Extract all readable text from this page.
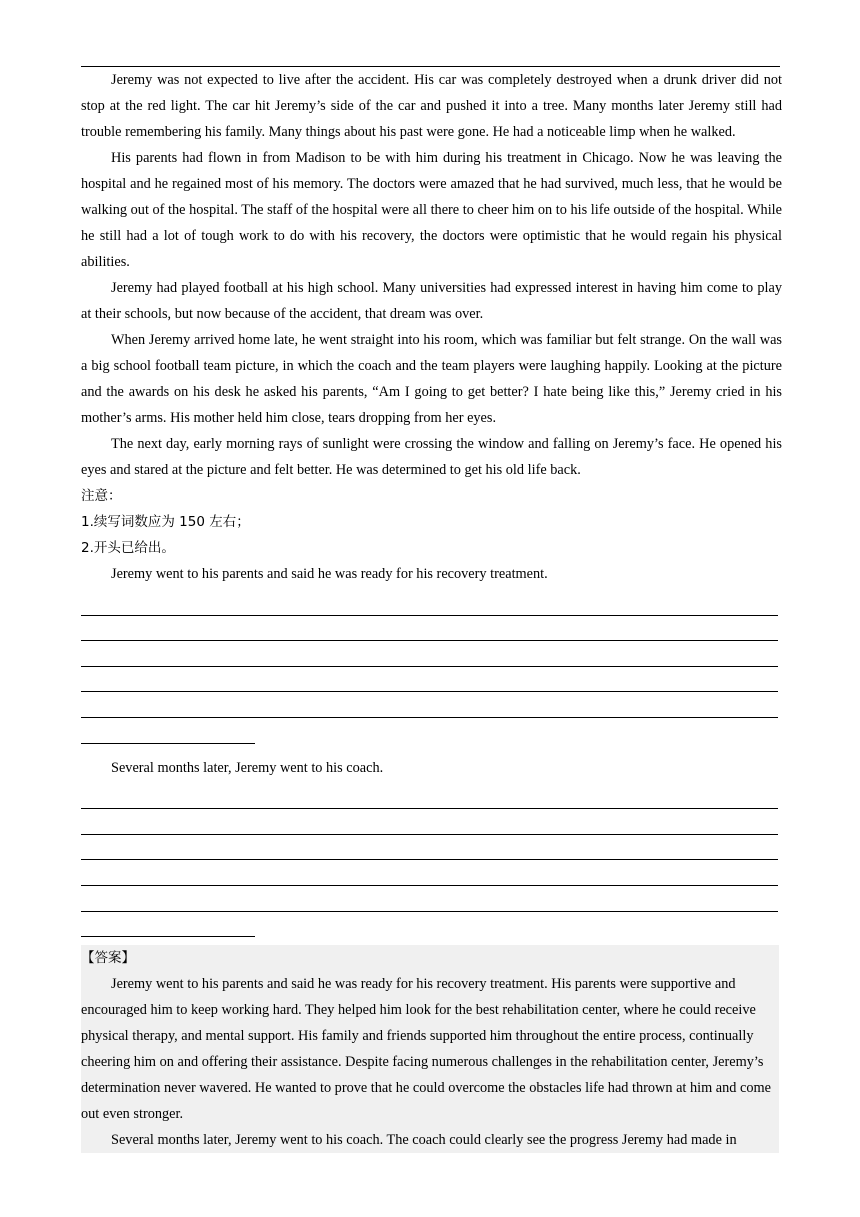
Jeremy was not expected to live after the accident. His car was completely destroyed when a drunk driver did not stop at the red light. The car hit Jeremy’s side of the car and pushed it into a tree. Many months later Jeremy still had trouble remembering his family. Many things about his past were gone. He had a noticeable limp when he walked.

His parents had flown in from Madison to be with him during his treatment in Chicago. Now he was leaving the hospital and he regained most of his memory. The doctors were amazed that he had survived, much less, that he would be walking out of the hospital. The staff of the hospital were all there to cheer him on to his life outside of the hospital. While he still had a lot of tough work to do with his recovery, the doctors were optimistic that he would regain his physical abilities.

Jeremy had played football at his high school. Many universities had expressed interest in having him come to play at their schools, but now because of the accident, that dream was over.

When Jeremy arrived home late, he went straight into his room, which was familiar but felt strange. On the wall was a big school football team picture, in which the coach and the team players were laughing happily. Looking at the picture and the awards on his desk he asked his parents, “Am I going to get better? I hate being like this,” Jeremy cried in his mother’s arms. His mother held him close, tears dropping from her eyes.

The next day, early morning rays of sunlight were crossing the window and falling on Jeremy’s face. He opened his eyes and stared at the picture and felt better. He was determined to get his old life back.

注意：

1.续写词数应为 150 左右；

2.开头已给出。

Jeremy went to his parents and said he was ready for his recovery treatment.

Several months later, Jeremy went to his coach.

【答案】

Jeremy went to his parents and said he was ready for his recovery treatment. His parents were supportive and encouraged him to keep working hard. They helped him look for the best rehabilitation center, where he could receive physical therapy, and mental support. His family and friends supported him throughout the entire process, continually cheering him on and offering their assistance. Despite facing numerous challenges in the rehabilitation center, Jeremy’s determination never wavered. He wanted to prove that he could overcome the obstacles life had thrown at him and come out even stronger.

Several months later, Jeremy went to his coach. The coach could clearly see the progress Jeremy had made in
